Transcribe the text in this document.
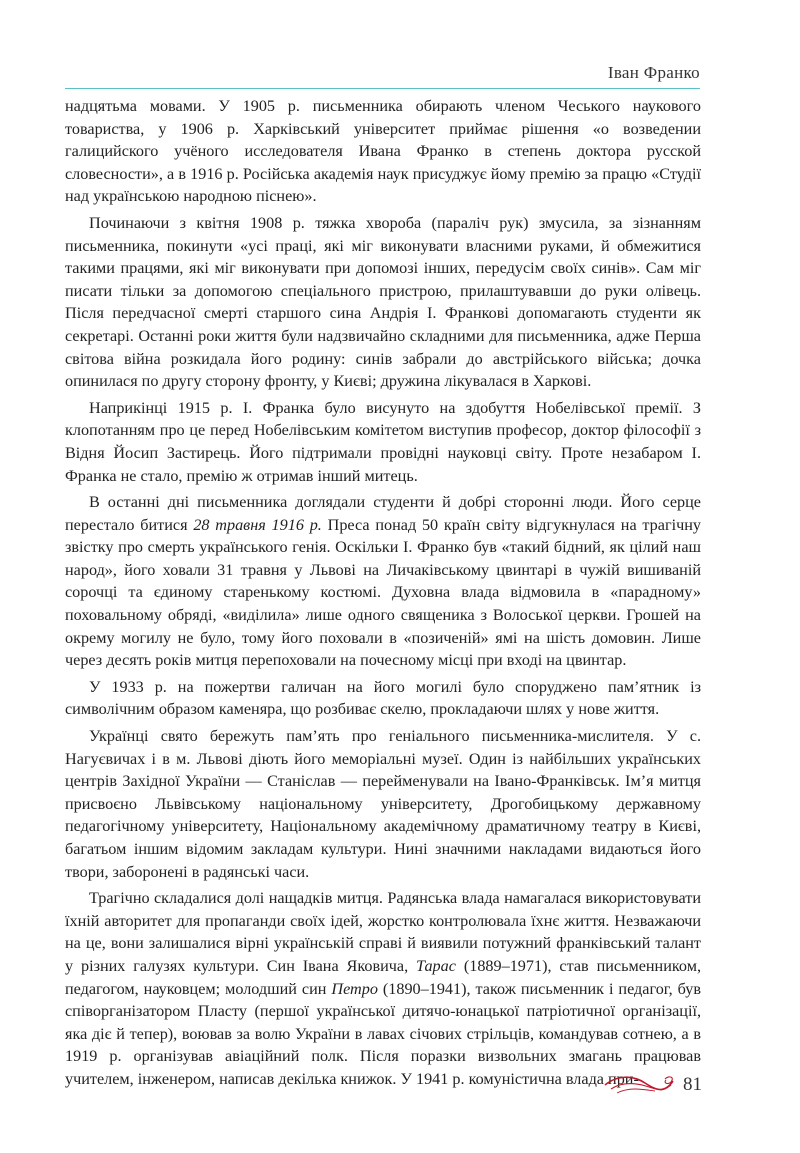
Іван Франко

надцятьма мовами. У 1905 р. письменника обирають членом Чеського наукового товариства, у 1906 р. Харківський університет приймає рішення «о возведении галицийского учёного исследователя Ивана Франко в степень доктора русской словесности», а в 1916 р. Російська академія наук присуджує йому премію за працю «Студії над українською народною піснею».

Починаючи з квітня 1908 р. тяжка хвороба (параліч рук) змусила, за зізнанням письменника, покинути «усі праці, які міг виконувати власними руками, й обмежитися такими працями, які міг виконувати при допомозі інших, передусім своїх синів». Сам міг писати тільки за допомогою спеціального пристрою, прилаштувавши до руки олівець. Після передчасної смерті старшого сина Андрія І. Франкові допомагають студенти як секретарі. Останні роки життя були надзвичайно складними для письменника, адже Перша світова війна розкидала його родину: синів забрали до австрійського війська; дочка опинилася по другу сторону фронту, у Києві; дружина лікувалася в Харкові.

Наприкінці 1915 р. І. Франка було висунуто на здобуття Нобелівської премії. З клопотанням про це перед Нобелівським комітетом виступив професор, доктор філософії з Відня Йосип Застирець. Його підтримали провідні науковці світу. Проте незабаром І. Франка не стало, премію ж отримав інший митець.

В останні дні письменника доглядали студенти й добрі сторонні люди. Його серце перестало битися 28 травня 1916 р. Преса понад 50 країн світу відгукнулася на трагічну звістку про смерть українського генія. Оскільки І. Франко був «такий бідний, як цілий наш народ», його ховали 31 травня у Львові на Личаківському цвинтарі в чужій вишиваній сорочці та єдиному старенькому костюмі. Духовна влада відмовила в «парадному» поховальному обряді, «виділила» лише одного священика з Волоської церкви. Грошей на окрему могилу не було, тому його поховали в «позиченій» ямі на шість домовин. Лише через десять років митця перепоховали на почесному місці при вході на цвинтар.

У 1933 р. на пожертви галичан на його могилі було споруджено пам’ятник із символічним образом каменяра, що розбиває скелю, прокладаючи шлях у нове життя.

Українці свято бережуть пам’ять про геніального письменника-мислителя. У с. Нагуєвичах і в м. Львові діють його меморіальні музеї. Один із найбільших українських центрів Західної України — Станіслав — перейменували на Івано-Франківськ. Ім’я митця присвоєно Львівському національному університету, Дрогобицькому державному педагогічному університету, Національному академічному драматичному театру в Києві, багатьом іншим відомим закладам культури. Нині значними накладами видаються його твори, заборонені в радянські часи.

Трагічно складалися долі нащадків митця. Радянська влада намагалася використовувати їхній авторитет для пропаганди своїх ідей, жорстко контролювала їхнє життя. Незважаючи на це, вони залишалися вірні українській справі й виявили потужний франківський талант у різних галузях культури. Син Івана Яковича, Тарас (1889–1971), став письменником, педагогом, науковцем; молодший син Петро (1890–1941), також письменник і педагог, був співорганізатором Пласту (першої української дитячо-юнацької патріотичної організації, яка діє й тепер), воював за волю України в лавах січових стрільців, командував сотнею, а в 1919 р. організував авіаційний полк. Після поразки визвольних змагань працював учителем, інженером, написав декілька книжок. У 1941 р. комуністична влада при-	81
